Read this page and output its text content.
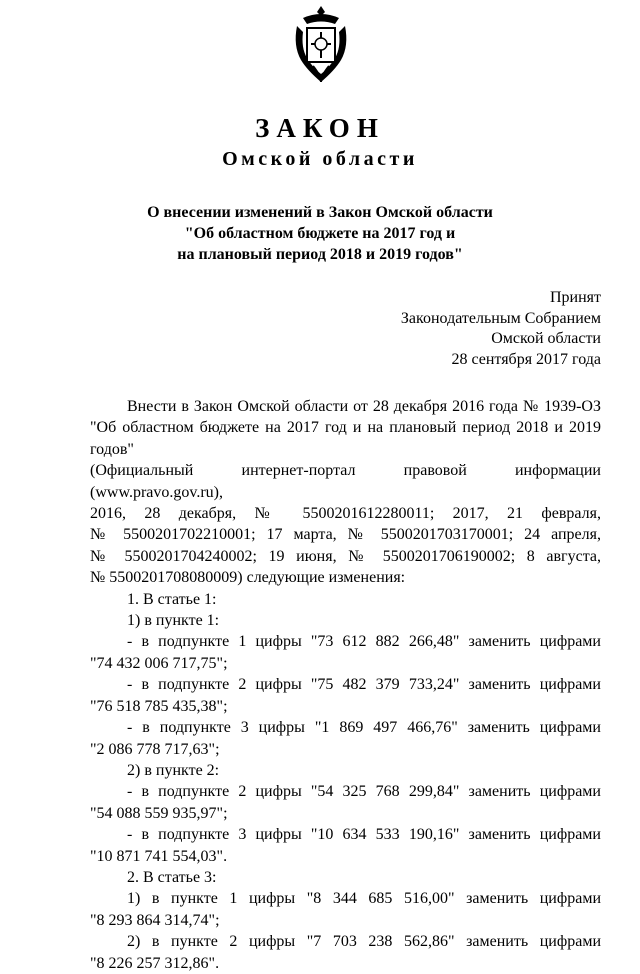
ЗАКОН
Омской области
О внесении изменений в Закон Омской области
"Об областном бюджете на 2017 год и
на плановый период 2018 и 2019 годов"
Принят
Законодательным Собранием
Омской области
28 сентября 2017 года
Внести в Закон Омской области от 28 декабря 2016 года № 1939-ОЗ
"Об областном бюджете на 2017 год и на плановый период 2018 и 2019 годов"
(Официальный интернет-портал правовой информации (www.pravo.gov.ru),
2016, 28 декабря, № 5500201612280011; 2017, 21 февраля,
№ 5500201702210001; 17 марта, № 5500201703170001; 24 апреля,
№ 5500201704240002; 19 июня, № 5500201706190002; 8 августа,
№ 5500201708080009) следующие изменения:
1. В статье 1:
1) в пункте 1:
- в подпункте 1 цифры "73 612 882 266,48" заменить цифрами
"74 432 006 717,75";
- в подпункте 2 цифры "75 482 379 733,24" заменить цифрами
"76 518 785 435,38";
- в подпункте 3 цифры "1 869 497 466,76" заменить цифрами
"2 086 778 717,63";
2) в пункте 2:
- в подпункте 2 цифры "54 325 768 299,84" заменить цифрами
"54 088 559 935,97";
- в подпункте 3 цифры "10 634 533 190,16" заменить цифрами
"10 871 741 554,03".
2. В статье 3:
1) в пункте 1 цифры "8 344 685 516,00" заменить цифрами
"8 293 864 314,74";
2) в пункте 2 цифры "7 703 238 562,86" заменить цифрами
"8 226 257 312,86".
